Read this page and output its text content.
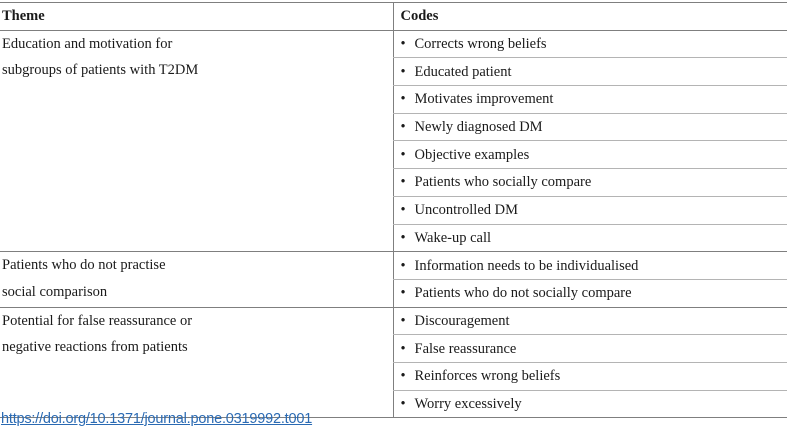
Theme	Codes

Education and motivation for
subgroups of patients with T2DM	• Corrects wrong beliefs
	• Educated patient
	• Motivates improvement
	• Newly diagnosed DM
	• Objective examples
	• Patients who socially compare
	• Uncontrolled DM
	• Wake-up call

Patients who do not practise
social comparison	• Information needs to be individualised
	• Patients who do not socially compare

Potential for false reassurance or
negative reactions from patients	• Discouragement
	• False reassurance
	• Reinforces wrong beliefs
	• Worry excessively
https://doi.org/10.1371/journal.pone.0319992.t001
